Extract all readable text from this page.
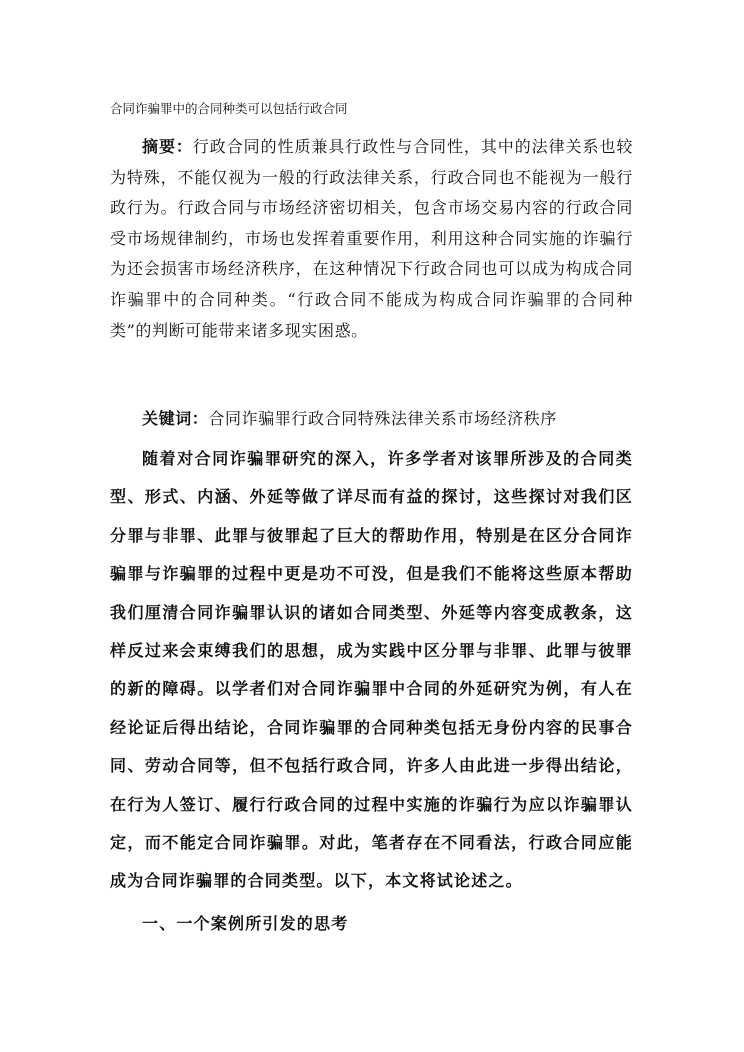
合同诈骗罪中的合同种类可以包括行政合同

摘要：行政合同的性质兼具行政性与合同性，其中的法律关系也较为特殊，不能仅视为一般的行政法律关系，行政合同也不能视为一般行政行为。行政合同与市场经济密切相关，包含市场交易内容的行政合同受市场规律制约，市场也发挥着重要作用，利用这种合同实施的诈骗行为还会损害市场经济秩序，在这种情况下行政合同也可以成为构成合同诈骗罪中的合同种类。“行政合同不能成为构成合同诈骗罪的合同种类”的判断可能带来诸多现实困惑。

关键词：合同诈骗罪行政合同特殊法律关系市场经济秩序

随着对合同诈骗罪研究的深入，许多学者对该罪所涉及的合同类型、形式、内涵、外延等做了详尽而有益的探讨，这些探讨对我们区分罪与非罪、此罪与彼罪起了巨大的帮助作用，特别是在区分合同诈骗罪与诈骗罪的过程中更是功不可没，但是我们不能将这些原本帮助我们厘清合同诈骗罪认识的诸如合同类型、外延等内容变成教条，这样反过来会束缚我们的思想，成为实践中区分罪与非罪、此罪与彼罪的新的障碍。以学者们对合同诈骗罪中合同的外延研究为例，有人在经论证后得出结论，合同诈骗罪的合同种类包括无身份内容的民事合同、劳动合同等，但不包括行政合同，许多人由此进一步得出结论，在行为人签订、履行行政合同的过程中实施的诈骗行为应以诈骗罪认定，而不能定合同诈骗罪。对此，笔者存在不同看法，行政合同应能成为合同诈骗罪的合同类型。以下，本文将试论述之。

一、一个案例所引发的思考
